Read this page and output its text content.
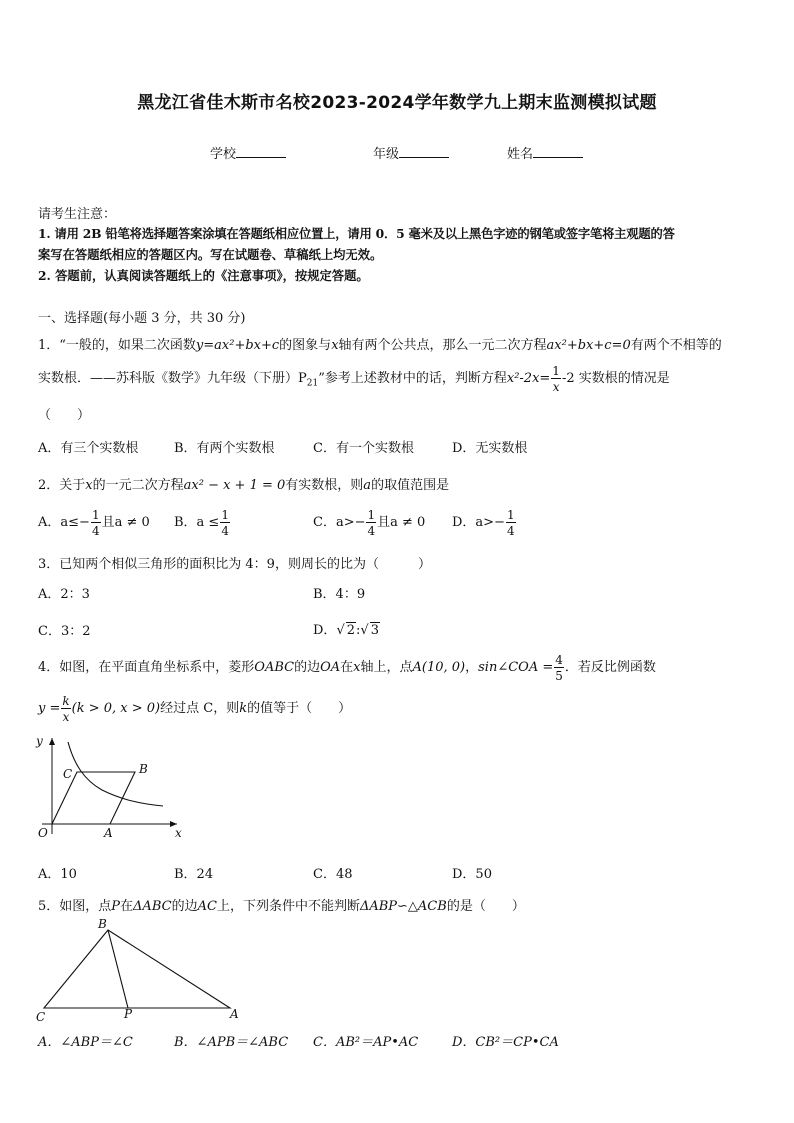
黑龙江省佳木斯市名校2023-2024学年数学九上期末监测模拟试题
学校	年级	姓名
请考生注意：
1. 请用 2B 铅笔将选择题答案涂填在答题纸相应位置上，请用 0．5 毫米及以上黑色字迹的钢笔或签字笔将主观题的答
案写在答题纸相应的答题区内。写在试题卷、草稿纸上均无效。
2. 答题前，认真阅读答题纸上的《注意事项》，按规定答题。
一、选择题(每小题 3 分，共 30 分)
1．“一般的，如果二次函数y=ax²+bx+c的图象与x轴有两个公共点，那么一元二次方程ax²+bx+c=0有两个不相等的
实数根．——苏科版《数学》九年级（下册）$P_{21}$”参考上述教材中的话，判断方程$x^2-2x= \frac{1}{x} -2$ 实数根的情况是
（　　）
A．有三个实数根	B．有两个实数根	C．有一个实数根	D．无实数根
2．关于x的一元二次方程ax² − x + 1 = 0有实数根，则a的取值范围是
A．$a\le- \frac{1}{4}$ 且a ≠ 0 B．$a \le \frac{1}{4}$	C．$a>- \frac{1}{4}$ 且a ≠ 0 D．$a>- \frac{1}{4}$
3．已知两个相似三角形的面积比为 4：9，则周长的比为（　　　）
A．2：3	B．4：9
C．3：2	D．√ 2:√ 3
4．如图，在平面直角坐标系中，菱形OABC的边OA在x轴上，点A(10, 0)，sin∠COA = $\frac{4}{5}$ ．若反比例函数
$y = \frac{k}{x} (k > 0$, x > 0)经过点 C，则k的值等于（　　）
y
x
O	A
B
C
A．10	B．24	C．48	D．50
5．如图，点P在ΔABC的边AC上，下列条件中不能判断ΔABP∽△ACB的是（　　）
B
C	P	A
A．∠ABP＝∠C	B．∠APB＝∠ABC C．AB²＝AP•AC	D．CB²＝CP•CA
